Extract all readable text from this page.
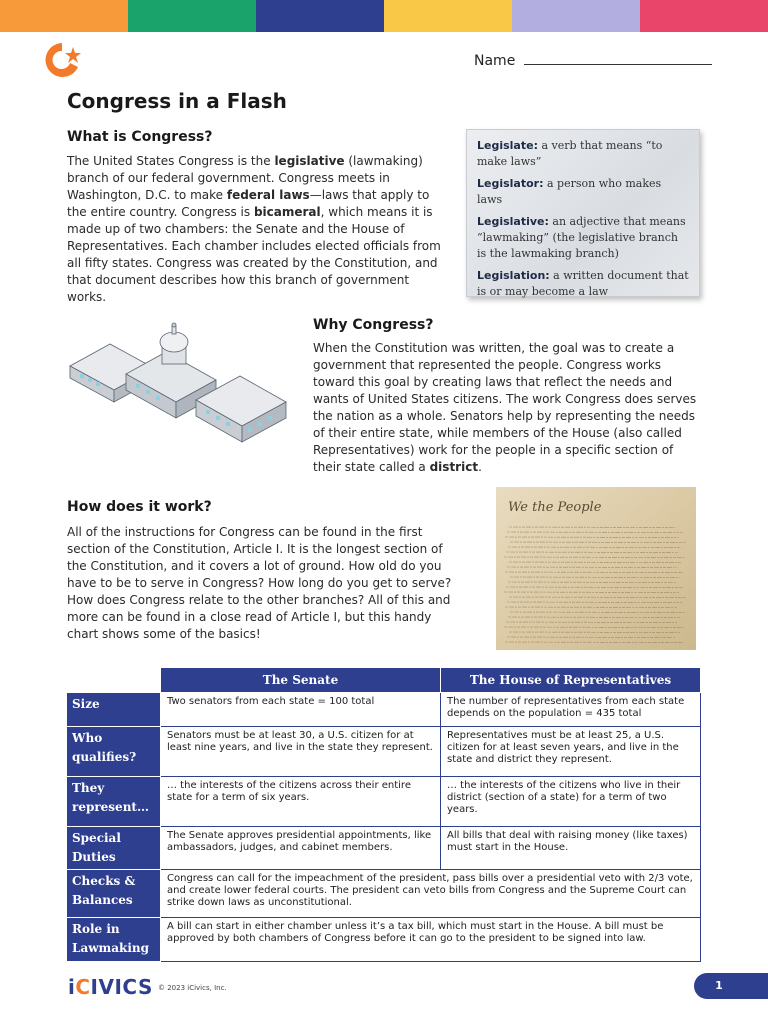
Name
Congress in a Flash
What is Congress?

The United States Congress is the legislative (lawmaking) branch of our federal government. Congress meets in Washington, D.C. to make federal laws—laws that apply to the entire country. Congress is bicameral, which means it is made up of two chambers: the Senate and the House of Representatives. Each chamber includes elected officials from all fifty states. Congress was created by the Constitution, and that document describes how this branch of government works.

Legislate: a verb that means “to make laws”
Legislator: a person who makes laws
Legislative: an adjective that means “lawmaking” (the legislative branch is the lawmaking branch)
Legislation: a written document that is or may become a law
Why Congress?

When the Constitution was written, the goal was to create a government that represented the people. Congress works toward this goal by creating laws that reflect the needs and wants of United States citizens. The work Congress does serves the nation as a whole. Senators help by representing the needs of their entire state, while members of the House (also called Representatives) work for the people in a specific section of their state called a district.

How does it work?

All of the instructions for Congress can be found in the first section of the Constitution, Article I. It is the longest section of the Constitution, and it covers a lot of ground. How old do you have to be to serve in Congress? How long do you get to serve? How does Congress relate to the other branches? All of this and more can be found in a close read of Article I, but this handy chart shows some of the basics!

We the People
	The Senate	The House of Representatives
Size	Two senators from each state = 100 total	The number of representatives from each state depends on the population = 435 total
Who qualifies?	Senators must be at least 30, a U.S. citizen for at least nine years, and live in the state they represent.	Representatives must be at least 25, a U.S. citizen for at least seven years, and live in the state and district they represent.
They represent…	… the interests of the citizens across their entire state for a term of six years.	… the interests of the citizens who live in their district (section of a state) for a term of two years.
Special Duties	The Senate approves presidential appointments, like ambassadors, judges, and cabinet members.	All bills that deal with raising money (like taxes) must start in the House.
Checks & Balances	Congress can call for the impeachment of the president, pass bills over a presidential veto with 2/3 vote, and create lower federal courts. The president can veto bills from Congress and the Supreme Court can strike down laws as unconstitutional.	
Role in Lawmaking	A bill can start in either chamber unless it’s a tax bill, which must start in the House. A bill must be approved by both chambers of Congress before it can go to the president to be signed into law.	
iCIVICS © 2023 iCivics, Inc.	1
